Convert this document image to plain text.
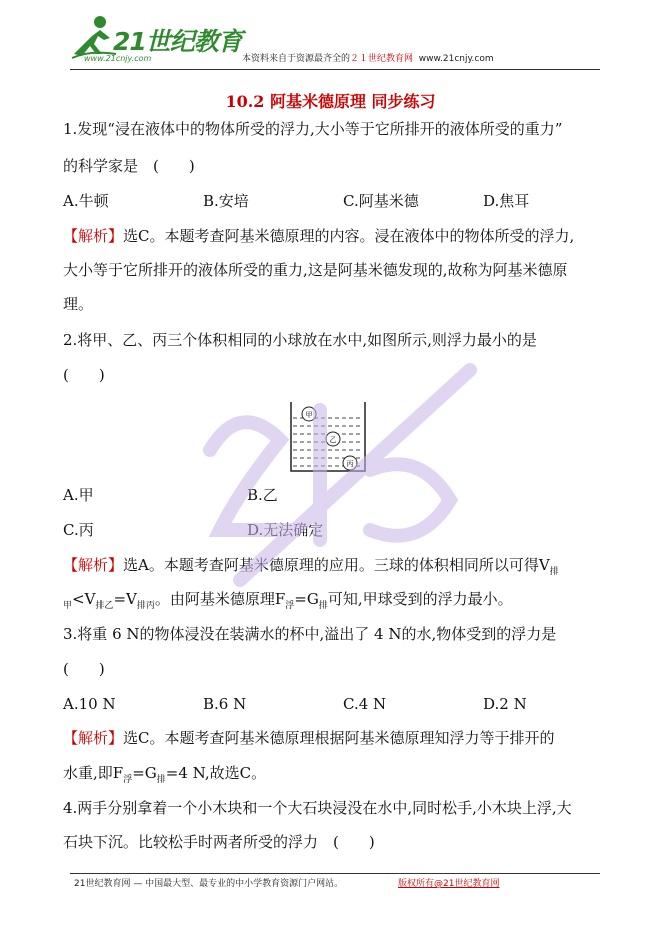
21世纪教育
www.21cnjy.com	本资料来自于资源最齐全的２１世纪教育网 www.21cnjy.com
10.2 阿基米德原理 同步练习
1.发现“浸在液体中的物体所受的浮力,大小等于它所排开的液体所受的重力”
的科学家是　(　　)
A.牛顿	B.安培	C.阿基米德	D.焦耳
【解析】选C。本题考查阿基米德原理的内容。浸在液体中的物体所受的浮力,
大小等于它所排开的液体所受的重力,这是阿基米德发现的,故称为阿基米德原
理。
2.将甲、乙、丙三个体积相同的小球放在水中,如图所示,则浮力最小的是
(　　)
甲
乙
丙
A.甲	B.乙
C.丙	D.无法确定
【解析】选A。本题考查阿基米德原理的应用。三球的体积相同所以可得$V_排$
$_甲<V_{排乙}=V_{排丙}$。由阿基米德原理$F_浮=G_排$可知,甲球受到的浮力最小。
3.将重 6 N的物体浸没在装满水的杯中,溢出了 4 N的水,物体受到的浮力是
(　　)
A.10 N	B.6 N	C.4 N	D.2 N
【解析】选C。本题考查阿基米德原理根据阿基米德原理知浮力等于排开的
水重,即$F_浮=G_排=4$ N,故选C。
4.两手分别拿着一个小木块和一个大石块浸没在水中,同时松手,小木块上浮,大
石块下沉。比较松手时两者所受的浮力　(　　)
21世纪教育网 — 中国最大型、最专业的中小学教育资源门户网站。	版权所有@21世纪教育网
